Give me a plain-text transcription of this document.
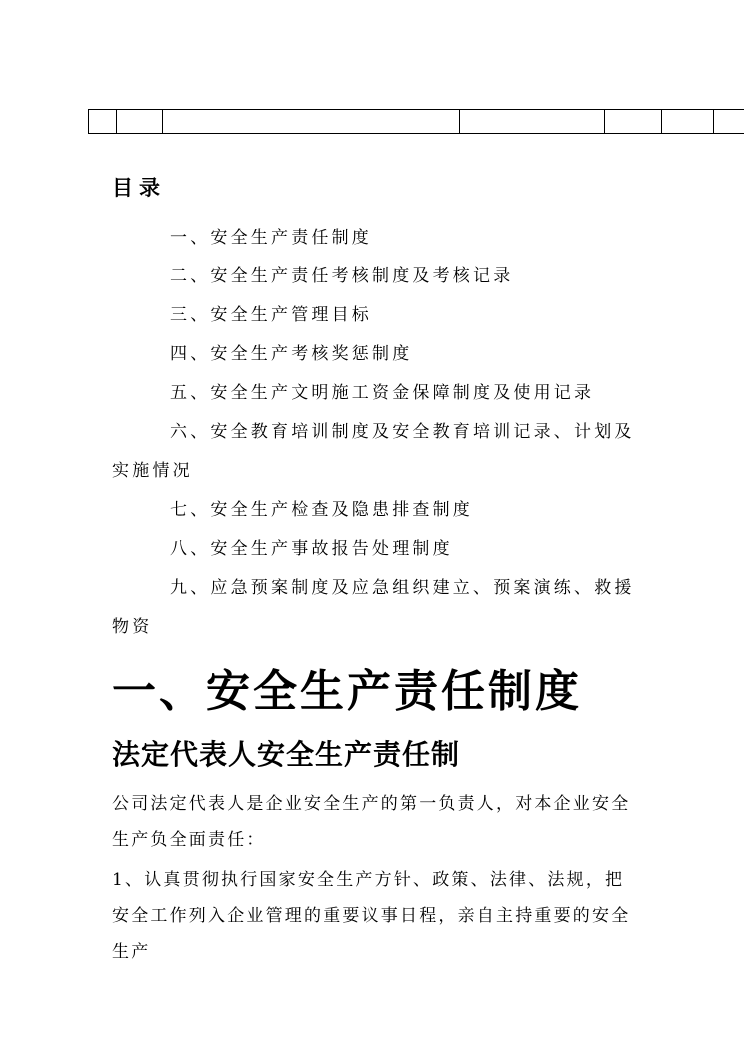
目录

一、安全生产责任制度

二、安全生产责任考核制度及考核记录

三、安全生产管理目标

四、安全生产考核奖惩制度

五、安全生产文明施工资金保障制度及使用记录

六、安全教育培训制度及安全教育培训记录、计划及实施情况

七、安全生产检查及隐患排查制度

八、安全生产事故报告处理制度

九、应急预案制度及应急组织建立、预案演练、救援物资

一、安全生产责任制度
法定代表人安全生产责任制

公司法定代表人是企业安全生产的第一负责人，对本企业安全生产负全面责任：

1、认真贯彻执行国家安全生产方针、政策、法律、法规，把安全工作列入企业管理的重要议事日程，亲自主持重要的安全生产
